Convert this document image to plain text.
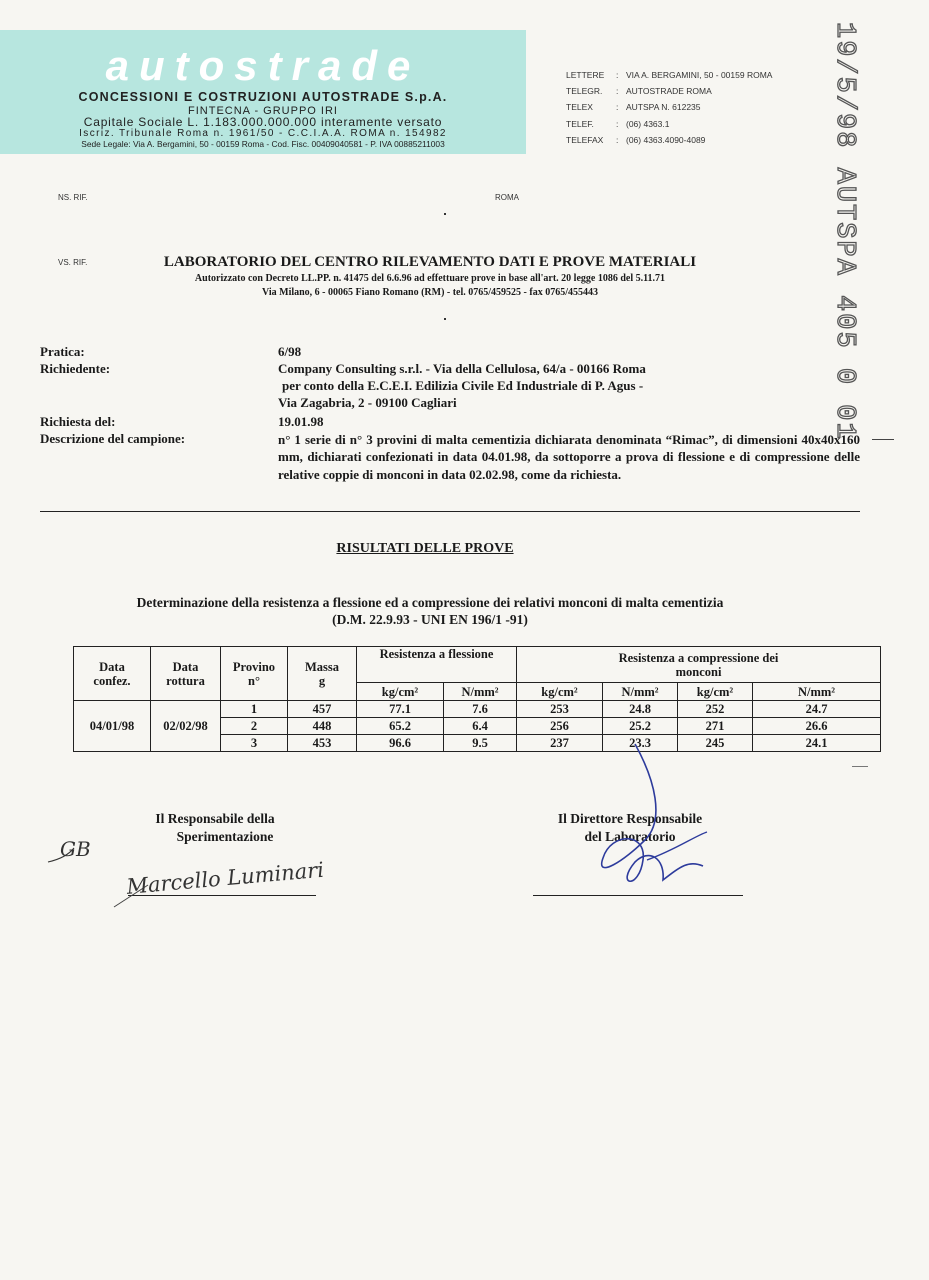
autostrade
CONCESSIONI E COSTRUZIONI AUTOSTRADE S.p.A.
FINTECNA - GRUPPO IRI
Capitale Sociale L. 1.183.000.000.000 interamente versato
Iscriz. Tribunale Roma n. 1961/50 - C.C.I.A.A. ROMA n. 154982
Sede Legale: Via A. Bergamini, 50 - 00159 Roma - Cod. Fisc. 00409040581 - P. IVA 00885211003
LETTERE	: VIA A. BERGAMINI, 50 - 00159 ROMA
TELEGR.	: AUTOSTRADE ROMA
TELEX	: AUTSPA N. 612235
TELEF.	: (06) 4363.1
TELEFAX	: (06) 4363.4090-4089	19/5/98 AUTSPA 405 0 01
NS. RIF.	ROMA
VS. RIF.	LABORATORIO DEL CENTRO RILEVAMENTO DATI E PROVE MATERIALI
Autorizzato con Decreto LL.PP. n. 41475 del 6.6.96 ad effettuare prove in base all'art. 20 legge 1086 del 5.11.71
Via Milano, 6 - 00065 Fiano Romano (RM) - tel. 0765/459525 - fax 0765/455443
Pratica:	6/98
Richiedente:	Company Consulting s.r.l. - Via della Cellulosa, 64/a - 00166 Roma
per conto della E.C.E.I. Edilizia Civile Ed Industriale di P. Agus -
Via Zagabria, 2 - 09100 Cagliari
Richiesta del:	19.01.98
Descrizione del campione:	n° 1 serie di n° 3 provini di malta cementizia dichiarata denominata “Rimac”, di dimensioni 40x40x160 mm, dichiarati confezionati in data 04.01.98, da sottoporre a prova di flessione e di compressione delle relative coppie di monconi in data 02.02.98, come da richiesta.
RISULTATI DELLE PROVE
Determinazione della resistenza a flessione ed a compressione dei relativi monconi di malta cementizia
(D.M. 22.9.93 - UNI EN 196/1 -91)
Data confez.	Data rottura	Provino n°	Massa g	Resistenza a flessione		Resistenza a compressione dei monconi			
				kg/cm²	N/mm²	kg/cm²	N/mm²	kg/cm²	N/mm²
04/01/98	02/02/98	1	457	77.1	7.6	253	24.8	252	24.7
		2	448	65.2	6.4	256	25.2	271	26.6
		3	453	96.6	9.5	237	23.3	245	24.1
Il Responsabile della
Sperimentazione
Il Direttore Responsabile
del Laboratorio
Marcello Luminari
GB
